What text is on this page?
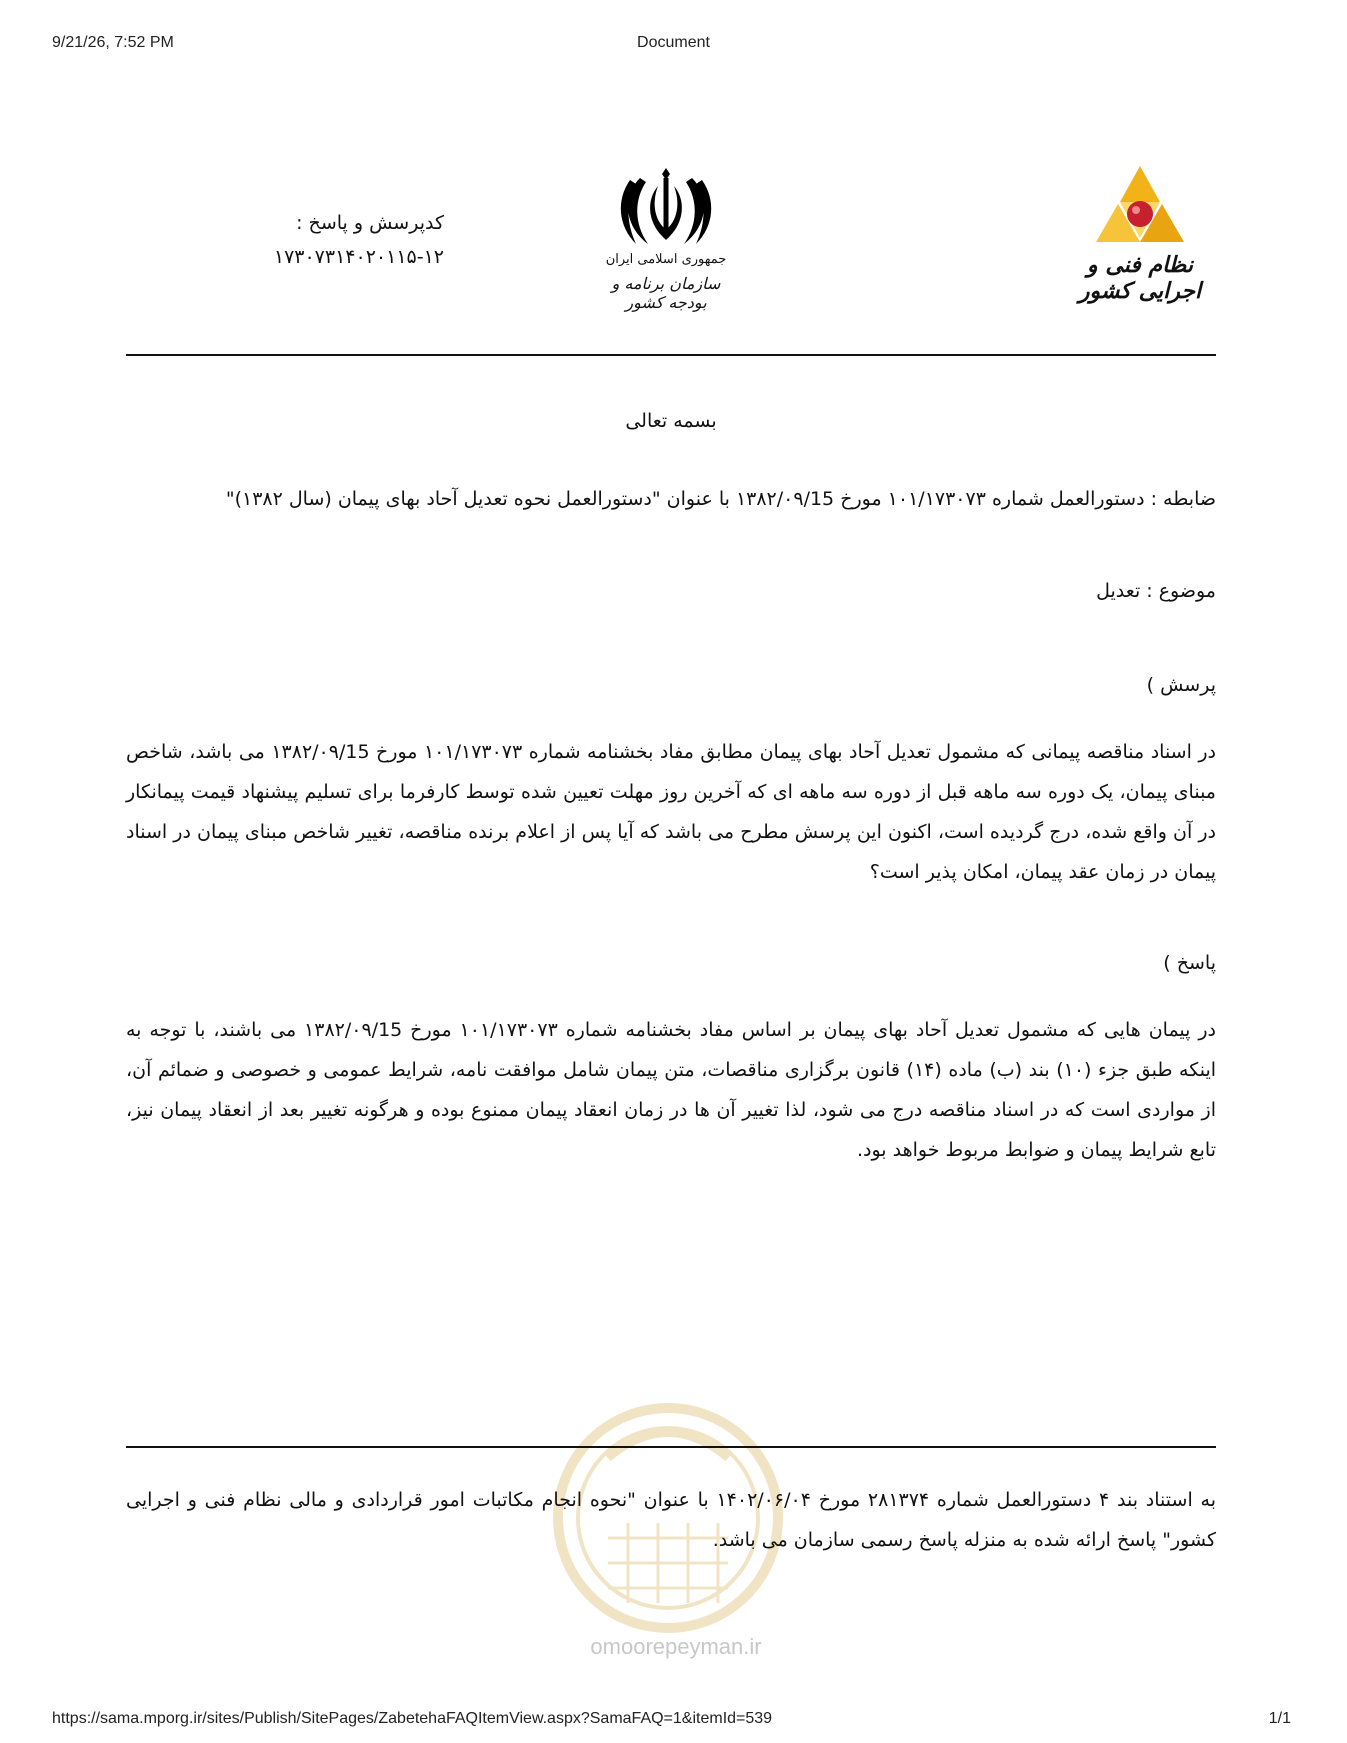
9/21/26, 7:52 PM	Document
نظام فنی و اجرایی کشور
جمهوری اسلامی ایران
سازمان برنامه و بودجه کشور
کدپرسش و پاسخ :
۱۷۳۰۷۳۱۴۰۲۰۱۱۵-۱۲
بسمه تعالی
ضابطه : دستورالعمل شماره ۱۰۱/۱۷۳۰۷۳ مورخ ۱۳۸۲/۰۹/15 با عنوان "دستورالعمل نحوه تعدیل آحاد بهای پیمان (سال ۱۳۸۲)"
موضوع : تعدیل
پرسش )
در اسناد مناقصه پیمانی که مشمول تعدیل آحاد بهای پیمان مطابق مفاد بخشنامه شماره ۱۰۱/۱۷۳۰۷۳ مورخ ۱۳۸۲/۰۹/15 می باشد، شاخص مبنای پیمان، یک دوره سه ماهه قبل از دوره سه ماهه ای که آخرین روز مهلت تعیین شده توسط کارفرما برای تسلیم پیشنهاد قیمت پیمانکار در آن واقع شده، درج گردیده است، اکنون این پرسش مطرح می باشد که آیا پس از اعلام برنده مناقصه، تغییر شاخص مبنای پیمان در اسناد پیمان در زمان عقد پیمان، امکان پذیر است؟
پاسخ )
در پیمان هایی که مشمول تعدیل آحاد بهای پیمان بر اساس مفاد بخشنامه شماره ۱۰۱/۱۷۳۰۷۳ مورخ ۱۳۸۲/۰۹/15 می باشند، با توجه به اینکه طبق جزء (۱۰) بند (ب) ماده (۱۴) قانون برگزاری مناقصات، متن پیمان شامل موافقت نامه، شرایط عمومی و خصوصی و ضمائم آن، از مواردی است که در اسناد مناقصه درج می شود، لذا تغییر آن ها در زمان انعقاد پیمان ممنوع بوده و هرگونه تغییر بعد از انعقاد پیمان نیز، تابع شرایط پیمان و ضوابط مربوط خواهد بود.
omoorepeyman.ir
به استناد بند ۴ دستورالعمل شماره ۲۸۱۳۷۴ مورخ ۱۴۰۲/۰۶/۰۴ با عنوان "نحوه انجام مکاتبات امور قراردادی و مالی نظام فنی و اجرایی کشور" پاسخ ارائه شده به منزله پاسخ رسمی سازمان می باشد.
https://sama.mporg.ir/sites/Publish/SitePages/ZabetehaFAQItemView.aspx?SamaFAQ=1&itemId=539	1/1
